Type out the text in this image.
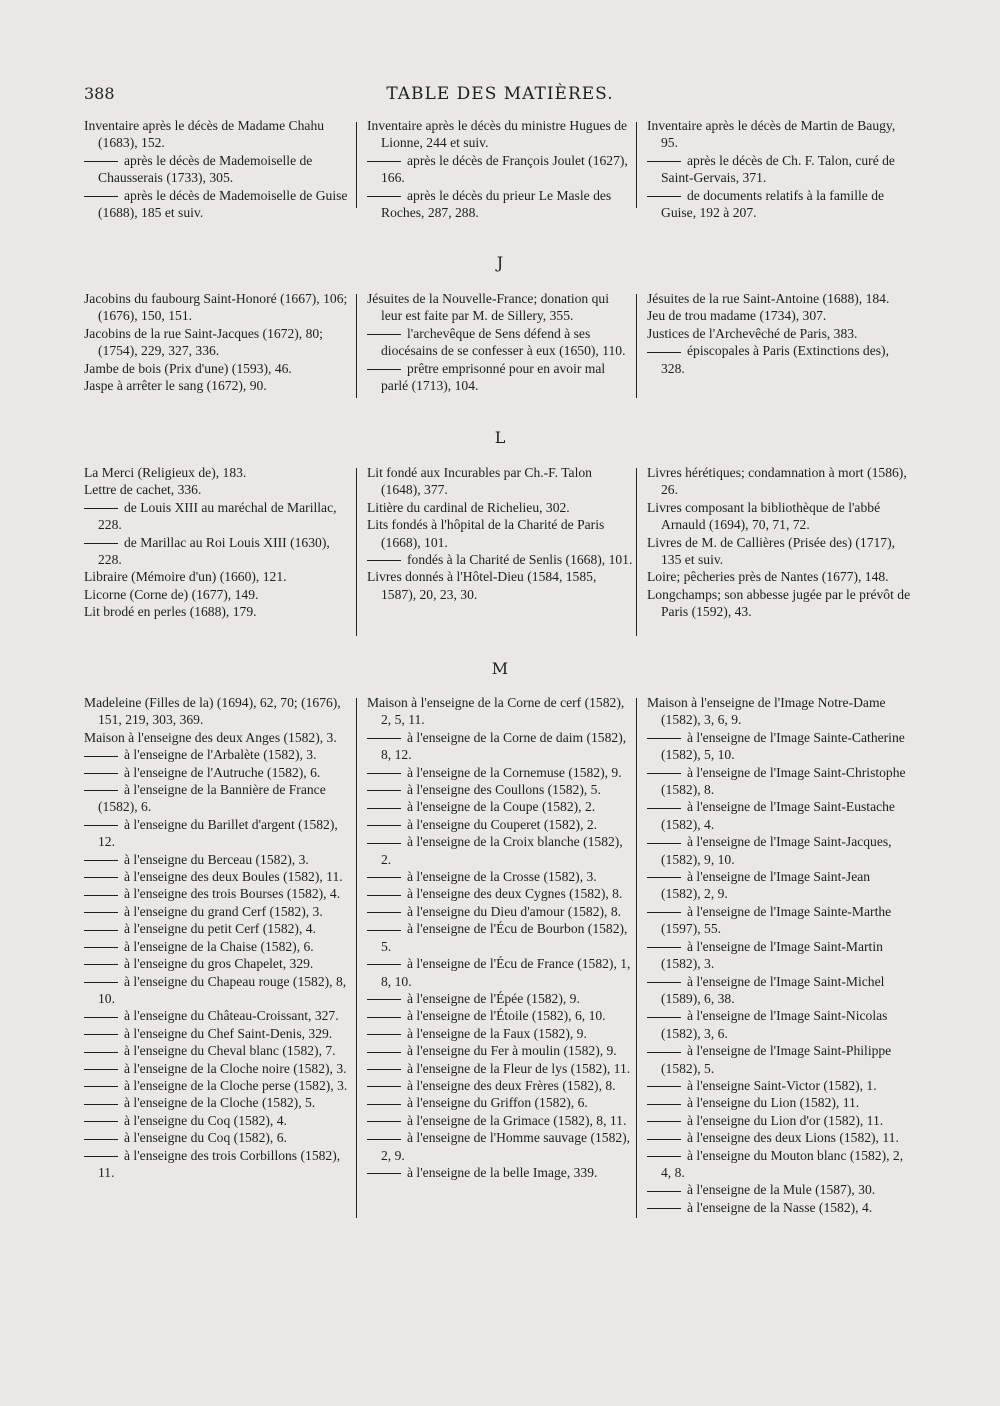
388	TABLE DES MATIÈRES.

Inventaire après le décès de Madame Chahu (1683), 152.

après le décès de Mademoiselle de Chausserais (1733), 305.

après le décès de Mademoiselle de Guise (1688), 185 et suiv.

Inventaire après le décès du ministre Hugues de Lionne, 244 et suiv.

après le décès de François Joulet (1627), 166.

après le décès du prieur Le Masle des Roches, 287, 288.

Inventaire après le décès de Martin de Baugy, 95.

après le décès de Ch. F. Talon, curé de Saint-Gervais, 371.

de documents relatifs à la famille de Guise, 192 à 207.

J

Jacobins du faubourg Saint-Honoré (1667), 106; (1676), 150, 151.

Jacobins de la rue Saint-Jacques (1672), 80; (1754), 229, 327, 336.

Jambe de bois (Prix d'une) (1593), 46.

Jaspe à arrêter le sang (1672), 90.

Jésuites de la Nouvelle-France; donation qui leur est faite par M. de Sillery, 355.

l'archevêque de Sens défend à ses diocésains de se confesser à eux (1650), 110.

prêtre emprisonné pour en avoir mal parlé (1713), 104.

Jésuites de la rue Saint-Antoine (1688), 184.

Jeu de trou madame (1734), 307.

Justices de l'Archevêché de Paris, 383.

épiscopales à Paris (Extinctions des), 328.

L

La Merci (Religieux de), 183.

Lettre de cachet, 336.

de Louis XIII au maréchal de Marillac, 228.

de Marillac au Roi Louis XIII (1630), 228.

Libraire (Mémoire d'un) (1660), 121.

Licorne (Corne de) (1677), 149.

Lit brodé en perles (1688), 179.

Lit fondé aux Incurables par Ch.-F. Talon (1648), 377.

Litière du cardinal de Richelieu, 302.

Lits fondés à l'hôpital de la Charité de Paris (1668), 101.

fondés à la Charité de Senlis (1668), 101.

Livres donnés à l'Hôtel-Dieu (1584, 1585, 1587), 20, 23, 30.

Livres hérétiques; condamnation à mort (1586), 26.

Livres composant la bibliothèque de l'abbé Arnauld (1694), 70, 71, 72.

Livres de M. de Callières (Prisée des) (1717), 135 et suiv.

Loire; pêcheries près de Nantes (1677), 148.

Longchamps; son abbesse jugée par le prévôt de Paris (1592), 43.

M

Madeleine (Filles de la) (1694), 62, 70; (1676), 151, 219, 303, 369.

Maison à l'enseigne des deux Anges (1582), 3.

à l'enseigne de l'Arbalète (1582), 3.

à l'enseigne de l'Autruche (1582), 6.

à l'enseigne de la Bannière de France (1582), 6.

à l'enseigne du Barillet d'argent (1582), 12.

à l'enseigne du Berceau (1582), 3.

à l'enseigne des deux Boules (1582), 11.

à l'enseigne des trois Bourses (1582), 4.

à l'enseigne du grand Cerf (1582), 3.

à l'enseigne du petit Cerf (1582), 4.

à l'enseigne de la Chaise (1582), 6.

à l'enseigne du gros Chapelet, 329.

à l'enseigne du Chapeau rouge (1582), 8, 10.

à l'enseigne du Château-Croissant, 327.

à l'enseigne du Chef Saint-Denis, 329.

à l'enseigne du Cheval blanc (1582), 7.

à l'enseigne de la Cloche noire (1582), 3.

à l'enseigne de la Cloche perse (1582), 3.

à l'enseigne de la Cloche (1582), 5.

à l'enseigne du Coq (1582), 4.

à l'enseigne du Coq (1582), 6.

à l'enseigne des trois Corbillons (1582), 11.

Maison à l'enseigne de la Corne de cerf (1582), 2, 5, 11.

à l'enseigne de la Corne de daim (1582), 8, 12.

à l'enseigne de la Cornemuse (1582), 9.

à l'enseigne des Coullons (1582), 5.

à l'enseigne de la Coupe (1582), 2.

à l'enseigne du Couperet (1582), 2.

à l'enseigne de la Croix blanche (1582), 2.

à l'enseigne de la Crosse (1582), 3.

à l'enseigne des deux Cygnes (1582), 8.

à l'enseigne du Dieu d'amour (1582), 8.

à l'enseigne de l'Écu de Bourbon (1582), 5.

à l'enseigne de l'Écu de France (1582), 1, 8, 10.

à l'enseigne de l'Épée (1582), 9.

à l'enseigne de l'Étoile (1582), 6, 10.

à l'enseigne de la Faux (1582), 9.

à l'enseigne du Fer à moulin (1582), 9.

à l'enseigne de la Fleur de lys (1582), 11.

à l'enseigne des deux Frères (1582), 8.

à l'enseigne du Griffon (1582), 6.

à l'enseigne de la Grimace (1582), 8, 11.

à l'enseigne de l'Homme sauvage (1582), 2, 9.

à l'enseigne de la belle Image, 339.

Maison à l'enseigne de l'Image Notre-Dame (1582), 3, 6, 9.

à l'enseigne de l'Image Sainte-Catherine (1582), 5, 10.

à l'enseigne de l'Image Saint-Christophe (1582), 8.

à l'enseigne de l'Image Saint-Eustache (1582), 4.

à l'enseigne de l'Image Saint-Jacques, (1582), 9, 10.

à l'enseigne de l'Image Saint-Jean (1582), 2, 9.

à l'enseigne de l'Image Sainte-Marthe (1597), 55.

à l'enseigne de l'Image Saint-Martin (1582), 3.

à l'enseigne de l'Image Saint-Michel (1589), 6, 38.

à l'enseigne de l'Image Saint-Nicolas (1582), 3, 6.

à l'enseigne de l'Image Saint-Philippe (1582), 5.

à l'enseigne Saint-Victor (1582), 1.

à l'enseigne du Lion (1582), 11.

à l'enseigne du Lion d'or (1582), 11.

à l'enseigne des deux Lions (1582), 11.

à l'enseigne du Mouton blanc (1582), 2, 4, 8.

à l'enseigne de la Mule (1587), 30.

à l'enseigne de la Nasse (1582), 4.
